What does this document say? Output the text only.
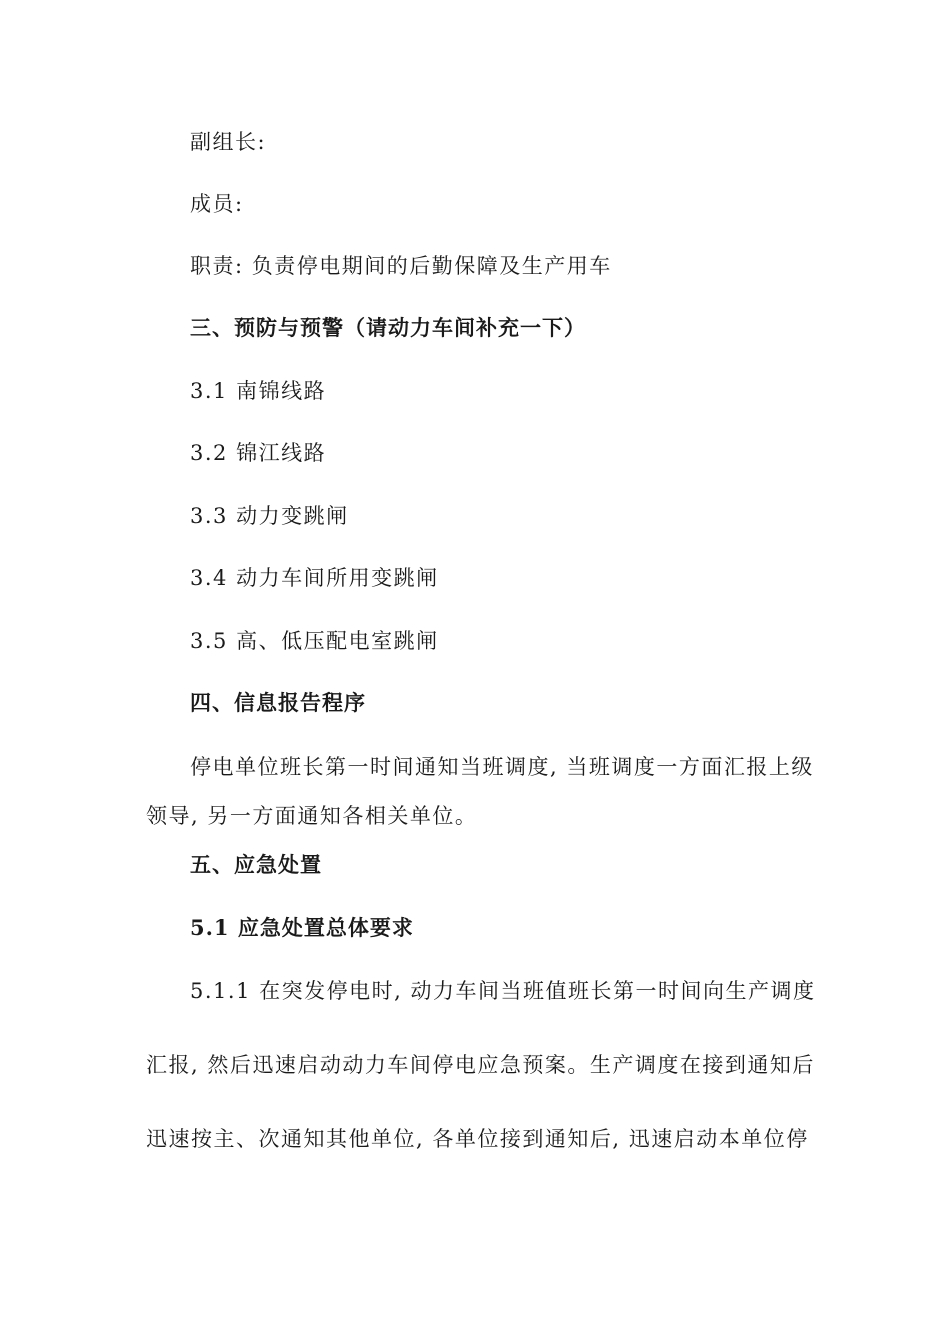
副组长:
成员:
职责: 负责停电期间的后勤保障及生产用车
三、预防与预警（请动力车间补充一下）
3.1 南锦线路
3.2 锦江线路
3.3 动力变跳闸
3.4 动力车间所用变跳闸
3.5 高、低压配电室跳闸
四、信息报告程序
停电单位班长第一时间通知当班调度, 当班调度一方面汇报上级
领导, 另一方面通知各相关单位。
五、应急处置
5.1 应急处置总体要求
5.1.1 在突发停电时, 动力车间当班值班长第一时间向生产调度
汇报, 然后迅速启动动力车间停电应急预案。生产调度在接到通知后
迅速按主、次通知其他单位, 各单位接到通知后, 迅速启动本单位停
